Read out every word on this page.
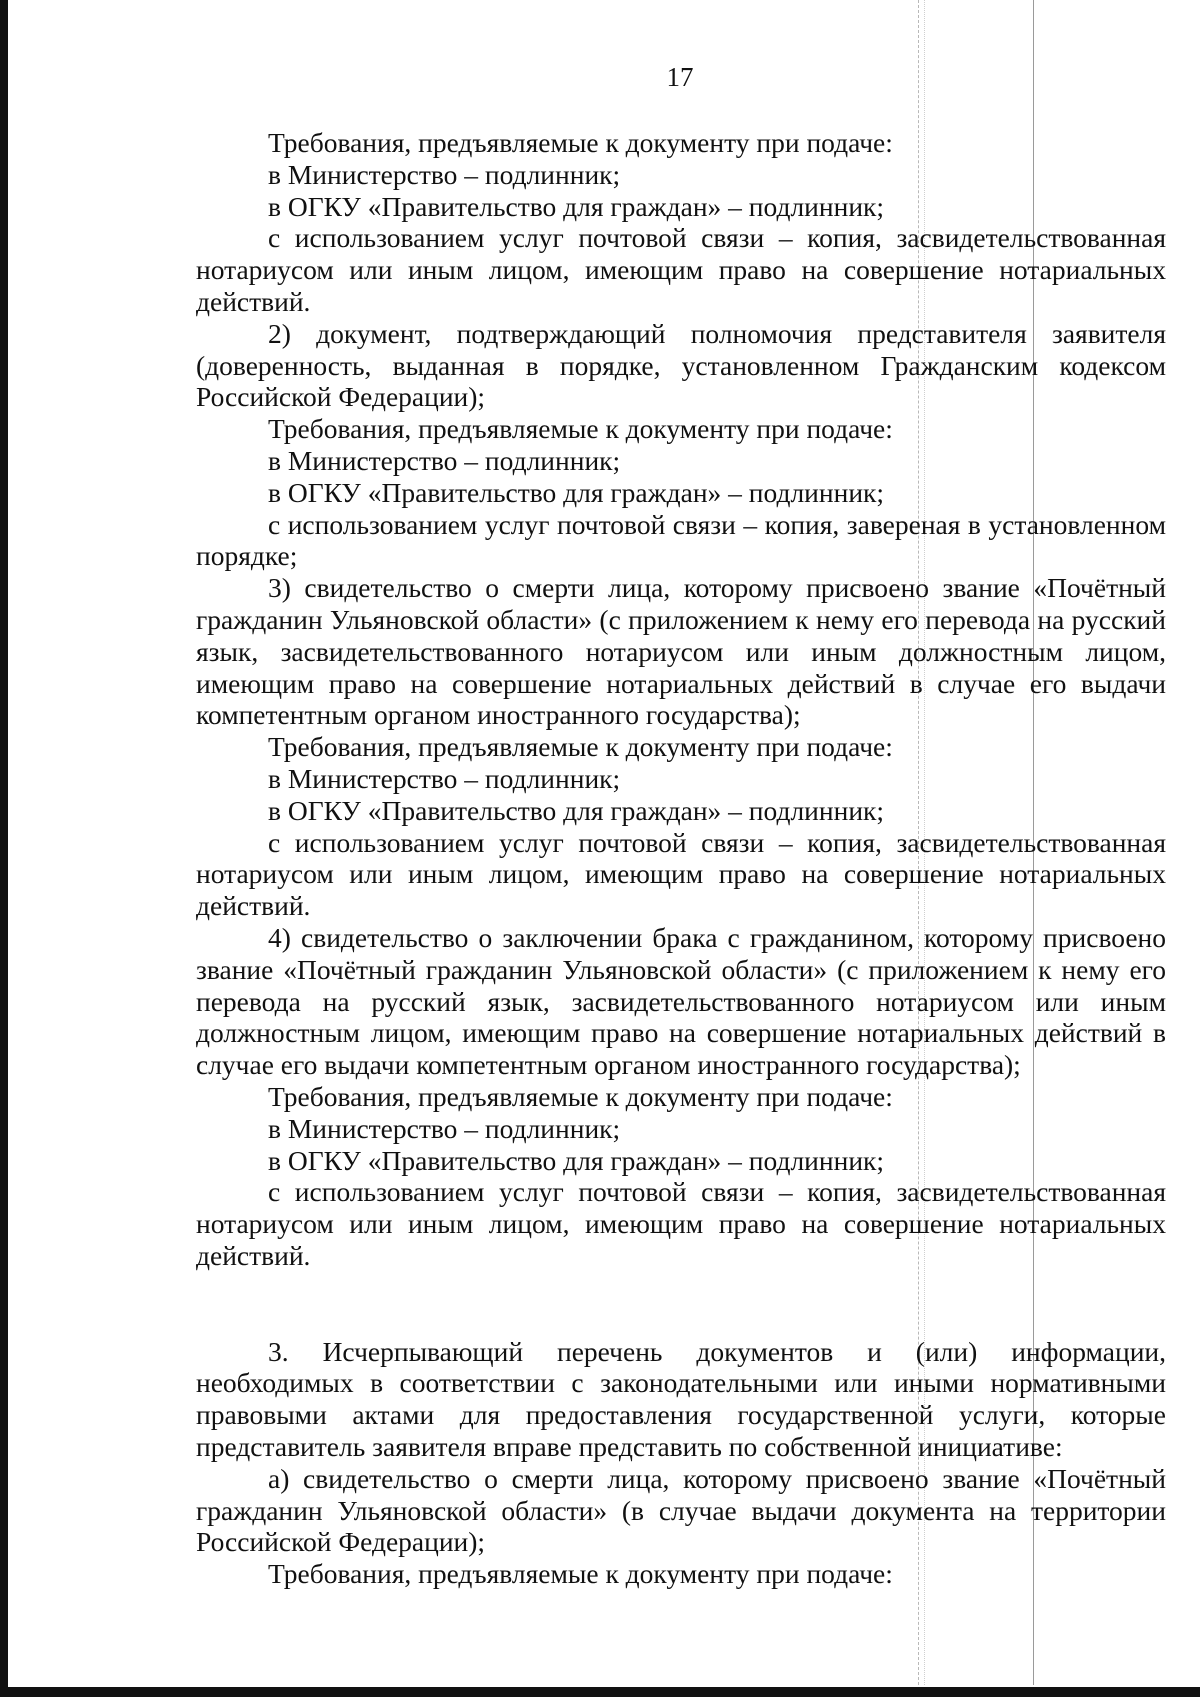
17

Требования, предъявляемые к документу при подаче:

в Министерство – подлинник;

в ОГКУ «Правительство для граждан» – подлинник;

с использованием услуг почтовой связи – копия, засвидетельствованная нотариусом или иным лицом, имеющим право на совершение нотариальных действий.

2) документ, подтверждающий полномочия представителя заявителя (доверенность, выданная в порядке, установленном Гражданским кодексом Российской Федерации);

Требования, предъявляемые к документу при подаче:

в Министерство – подлинник;

в ОГКУ «Правительство для граждан» – подлинник;

с использованием услуг почтовой связи – копия, завереная в установленном порядке;

3) свидетельство о смерти лица, которому присвоено звание «Почётный гражданин Ульяновской области» (с приложением к нему его перевода на русский язык, засвидетельствованного нотариусом или иным должностным лицом, имеющим право на совершение нотариальных действий в случае его выдачи компетентным органом иностранного государства);

Требования, предъявляемые к документу при подаче:

в Министерство – подлинник;

в ОГКУ «Правительство для граждан» – подлинник;

с использованием услуг почтовой связи – копия, засвидетельствованная нотариусом или иным лицом, имеющим право на совершение нотариальных действий.

4) свидетельство о заключении брака с гражданином, которому присвоено звание «Почётный гражданин Ульяновской области» (с приложением к нему его перевода на русский язык, засвидетельствованного нотариусом или иным должностным лицом, имеющим право на совершение нотариальных действий в случае его выдачи компетентным органом иностранного государства);

Требования, предъявляемые к документу при подаче:

в Министерство – подлинник;

в ОГКУ «Правительство для граждан» – подлинник;

с использованием услуг почтовой связи – копия, засвидетельствованная нотариусом или иным лицом, имеющим право на совершение нотариальных действий.

3. Исчерпывающий перечень документов и (или) информации, необходимых в соответствии с законодательными или иными нормативными правовыми актами для предоставления государственной услуги, которые представитель заявителя вправе представить по собственной инициативе:

а) свидетельство о смерти лица, которому присвоено звание «Почётный гражданин Ульяновской области» (в случае выдачи документа на территории Российской Федерации);

Требования, предъявляемые к документу при подаче:
